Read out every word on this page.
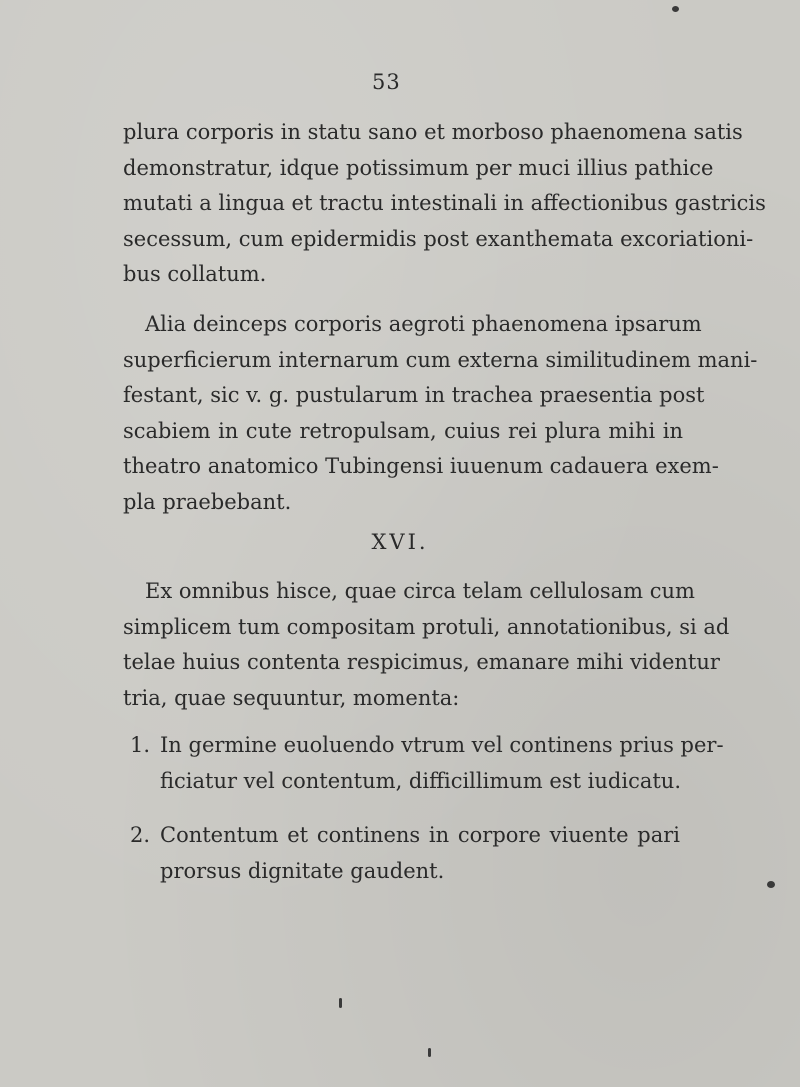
53
plura corporis in statu sano et morboso phaenomena satis
demonstratur, idque potissimum per muci illius pathice
mutati a lingua et tractu intestinali in affectionibus gastricis
secessum, cum epidermidis post exanthemata excoriationi-
bus collatum.
Alia deinceps corporis aegroti phaenomena ipsarum
superficierum internarum cum externa similitudinem mani-
festant, sic v. g. pustularum in trachea praesentia post
scabiem in cute retropulsam, cuius rei plura mihi in
theatro anatomico Tubingensi iuuenum cadauera exem-
pla praebebant.
XVI.
Ex omnibus hisce, quae circa telam cellulosam cum
simplicem tum compositam protuli, annotationibus, si ad
telae huius contenta respicimus, emanare mihi videntur
tria, quae sequuntur, momenta:
1. In germine euoluendo vtrum vel continens prius per-
ficiatur vel contentum, difficillimum est iudicatu.
2. Contentum et continens in corpore viuente pari
prorsus dignitate gaudent.
